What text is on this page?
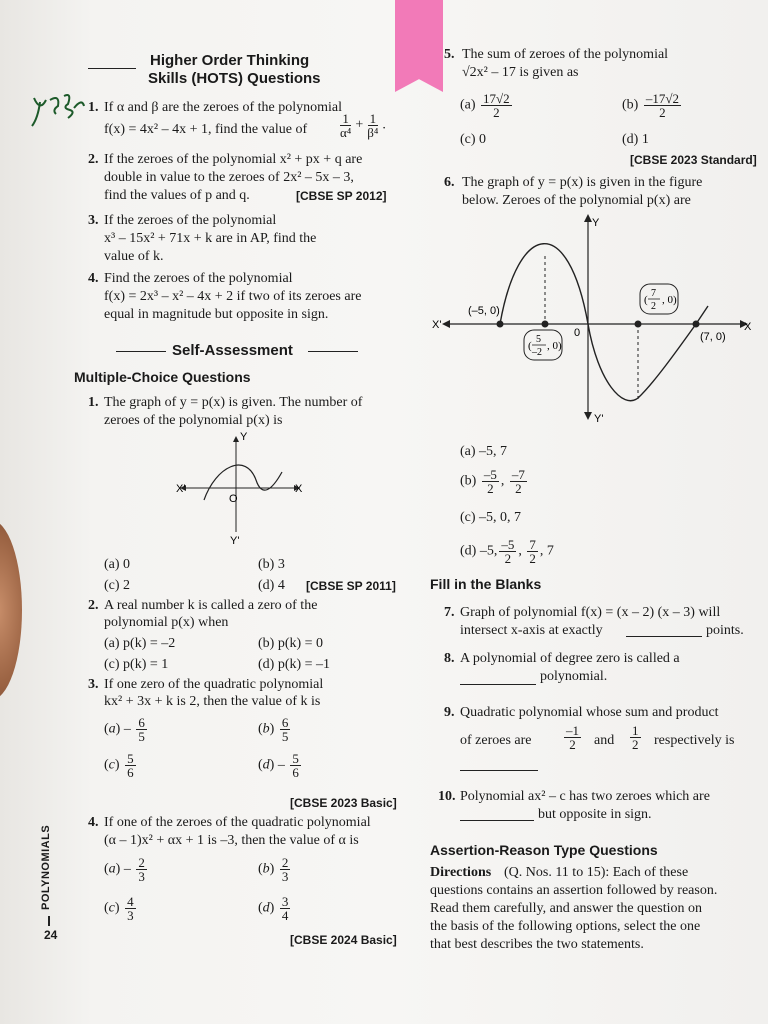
Higher Order Thinking
Skills (HOTS) Questions
1. If α and β are the zeroes of the polynomial
f(x) = 4x² – 4x + 1, find the value of $\frac{1}{\text{α⁴}} + \frac{1}{\text{β⁴}}$ .
2. If the zeroes of the polynomial x² + px + q are
double in value to the zeroes of 2x² – 5x – 3,
find the values of p and q.	[CBSE SP 2012]
3. If the zeroes of the polynomial
x³ – 15x² + 71x + k are in AP, find the
value of k.
4. Find the zeroes of the polynomial
f(x) = 2x³ – x² – 4x + 2 if two of its zeroes are
equal in magnitude but opposite in sign.
Self-Assessment
Multiple-Choice Questions
1. The graph of y = p(x) is given. The number of
zeroes of the polynomial p(x) is
Y
Y'
X
X'
O
(a) 0	(b) 3
(c) 2	(d) 4 [CBSE SP 2011]
2. A real number k is called a zero of the
polynomial p(x) when
(a) p(k) = –2	(b) p(k) = 0
(c) p(k) = 1	(d) p(k) = –1
3. If one zero of the quadratic polynomial
kx² + 3x + k is 2, then the value of k is
$(a) - \frac{6}{5}$	$(b) \frac{6}{5}$
$(c) \frac{5}{6}$	$(d) - \frac{5}{6}$
[CBSE 2023 Basic]
4. If one of the zeroes of the quadratic polynomial
(α – 1)x² + αx + 1 is –3, then the value of α is
$(a) - \frac{2}{3}$	$(b) \frac{2}{3}$
$(c) \frac{4}{3}$	$(d) \frac{3}{4}$
[CBSE 2024 Basic]
24
POLYNOMIALS
5. The sum of zeroes of the polynomial
√2x² – 17 is given as
$(a) \frac{17√2}{2}$	$(b) \frac{-17√2}{2}$
(c) 0	(d) 1
[CBSE 2023 Standard]
6. The graph of y = p(x) is given in the figure
below. Zeroes of the polynomial p(x) are
Y
Y'
X
X'
0
(–5, 0)
(7, 0)
(
5
–2
, 0)
(
7
2
, 0)
(a) –5, 7
$(b) \frac{-5}{2}$ , $\frac{-7}{2}$
(c) –5, 0, 7
(d) –5, $\frac{-5}{2}$ , $\frac{7}{2}$ , 7
Fill in the Blanks
7. Graph of polynomial f(x) = (x – 2) (x – 3) will
intersect x-axis at exactly	points.
8. A polynomial of degree zero is called a
polynomial.
9. Quadratic polynomial whose sum and product
of zeroes are $\frac{-1}{2}$ and $\frac{1}{2}$ respectively is
10. Polynomial ax² – c has two zeroes which are
but opposite in sign.
Assertion-Reason Type Questions
Directions (Q. Nos. 11 to 15): Each of these
questions contains an assertion followed by reason.
Read them carefully, and answer the question on
the basis of the following options, select the one
that best describes the two statements.
